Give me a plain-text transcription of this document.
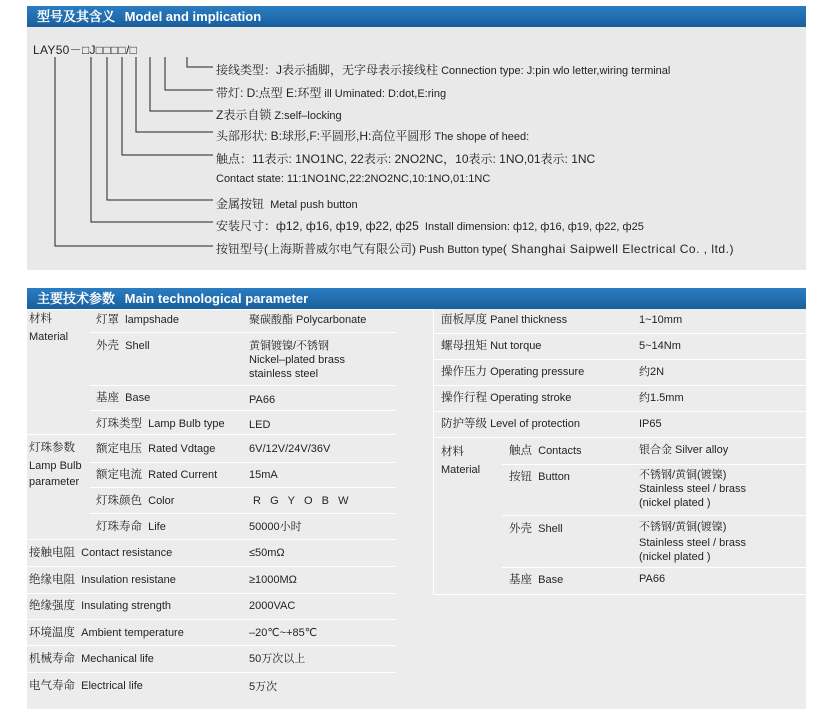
型号及其含义 Model and implication
LAY50－□J□□□□/□
接线类型：J表示插脚，无字母表示接线柱 Connection type: J:pin wlo letter,wiring terminal
带灯: D:点型 E:环型 ill Uminated: D:dot,E:ring
Z表示自锁 Z:self–locking
头部形状: B:球形,F:平圆形,H:高位平圆形 The shope of heed:
触点：11表示: 1NO1NC, 22表示: 2NO2NC，10表示: 1NO,01表示: 1NC
Contact state: 11:1NO1NC,22:2NO2NC,10:1NO,01:1NC
金属按钮 Metal push button
安装尺寸：ф12, ф16, ф19, ф22, ф25 Install dimension: ф12, ф16, ф19, ф22, ф25
按钮型号(上海斯普威尔电气有限公司) Push Button type( Shanghai Saipwell Electrical Co. , ltd.)
主要技术参数 Main technological parameter
材料
Material
灯珠参数
Lamp Bulb
parameter
灯罩 lampshade	聚碳酸酯 Polycarbonate
外壳 Shell	黄铜镀镍/不锈钢
Nickel–plated brass
stainless steel
基座 Base	PA66
灯珠类型 Lamp Bulb type LED
额定电压 Rated Vdtage	6V/12V/24V/36V
额定电流 Rated Current	15mA
灯珠颜色 Color	R   G   Y   O   B   W
灯珠寿命 Life	50000小时
接触电阻 Contact resistance	≤50mΩ
绝缘电阻 Insulation resistane	≥1000MΩ
绝缘强度 Insulating strength	2000VAC
环境温度 Ambient temperature	–20℃~+85℃
机械寿命 Mechanical life	50万次以上
电气寿命 Electrical life	5万次
面板厚度 Panel thickness	1~10mm
螺母扭矩 Nut torque	5~14Nm
操作压力 Operating pressure	约2N
操作行程 Operating stroke	约1.5mm
防护等级 Level of protection	IP65
材料
Material
触点 Contacts	银合金 Silver alloy
按钮 Button	不锈钢/黄铜(镀镍)
Stainless steel / brass
(nickel plated )
外壳 Shell	不锈钢/黄铜(镀镍)
Stainless steel / brass
(nickel plated )
基座 Base	PA66
